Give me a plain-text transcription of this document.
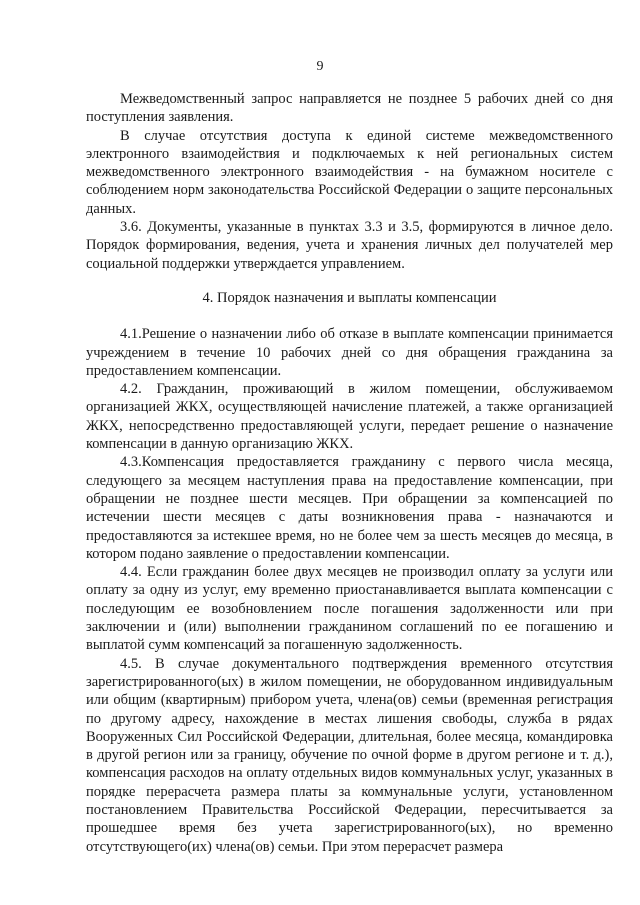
9

Межведомственный запрос направляется не позднее 5 рабочих дней со дня поступления заявления.

В случае отсутствия доступа к единой системе межведомственного электронного взаимодействия и подключаемых к ней региональных систем межведомственного электронного взаимодействия - на бумажном носителе с соблюдением норм законодательства Российской Федерации о защите персональных данных.

3.6. Документы, указанные в пунктах 3.3 и 3.5, формируются в личное дело. Порядок формирования, ведения, учета и хранения личных дел получателей мер социальной поддержки утверждается управлением.

4. Порядок назначения и выплаты компенсации

4.1.Решение о назначении либо об отказе в выплате компенсации принимается учреждением в течение 10 рабочих дней со дня обращения гражданина за предоставлением компенсации.

4.2. Гражданин, проживающий в жилом помещении, обслуживаемом организацией ЖКХ, осуществляющей начисление платежей, а также организацией ЖКХ, непосредственно предоставляющей услуги, передает решение о назначение компенсации в данную организацию ЖКХ.

4.3.Компенсация предоставляется гражданину с первого числа месяца, следующего за месяцем наступления права на предоставление компенсации, при обращении не позднее шести месяцев. При обращении за компенсацией по истечении шести месяцев с даты возникновения права - назначаются и предоставляются за истекшее время, но не более чем за шесть месяцев до месяца, в котором подано заявление о предоставлении компенсации.

4.4. Если гражданин более двух месяцев не производил оплату за услуги или оплату за одну из услуг, ему временно приостанавливается выплата компенсации с последующим ее возобновлением после погашения задолженности или при заключении и (или) выполнении гражданином соглашений по ее погашению и выплатой сумм компенсаций за погашенную задолженность.

4.5. В случае документального подтверждения временного отсутствия зарегистрированного(ых) в жилом помещении, не оборудованном индивидуальным или общим (квартирным) прибором учета, члена(ов) семьи (временная регистрация по другому адресу, нахождение в местах лишения свободы, служба в рядах Вооруженных Сил Российской Федерации, длительная, более месяца, командировка в другой регион или за границу, обучение по очной форме в другом регионе и т. д.), компенсация расходов на оплату отдельных видов коммунальных услуг, указанных в порядке перерасчета размера платы за коммунальные услуги, установленном постановлением Правительства Российской Федерации, пересчитывается за прошедшее время без учета зарегистрированного(ых), но временно отсутствующего(их) члена(ов) семьи. При этом перерасчет размера
